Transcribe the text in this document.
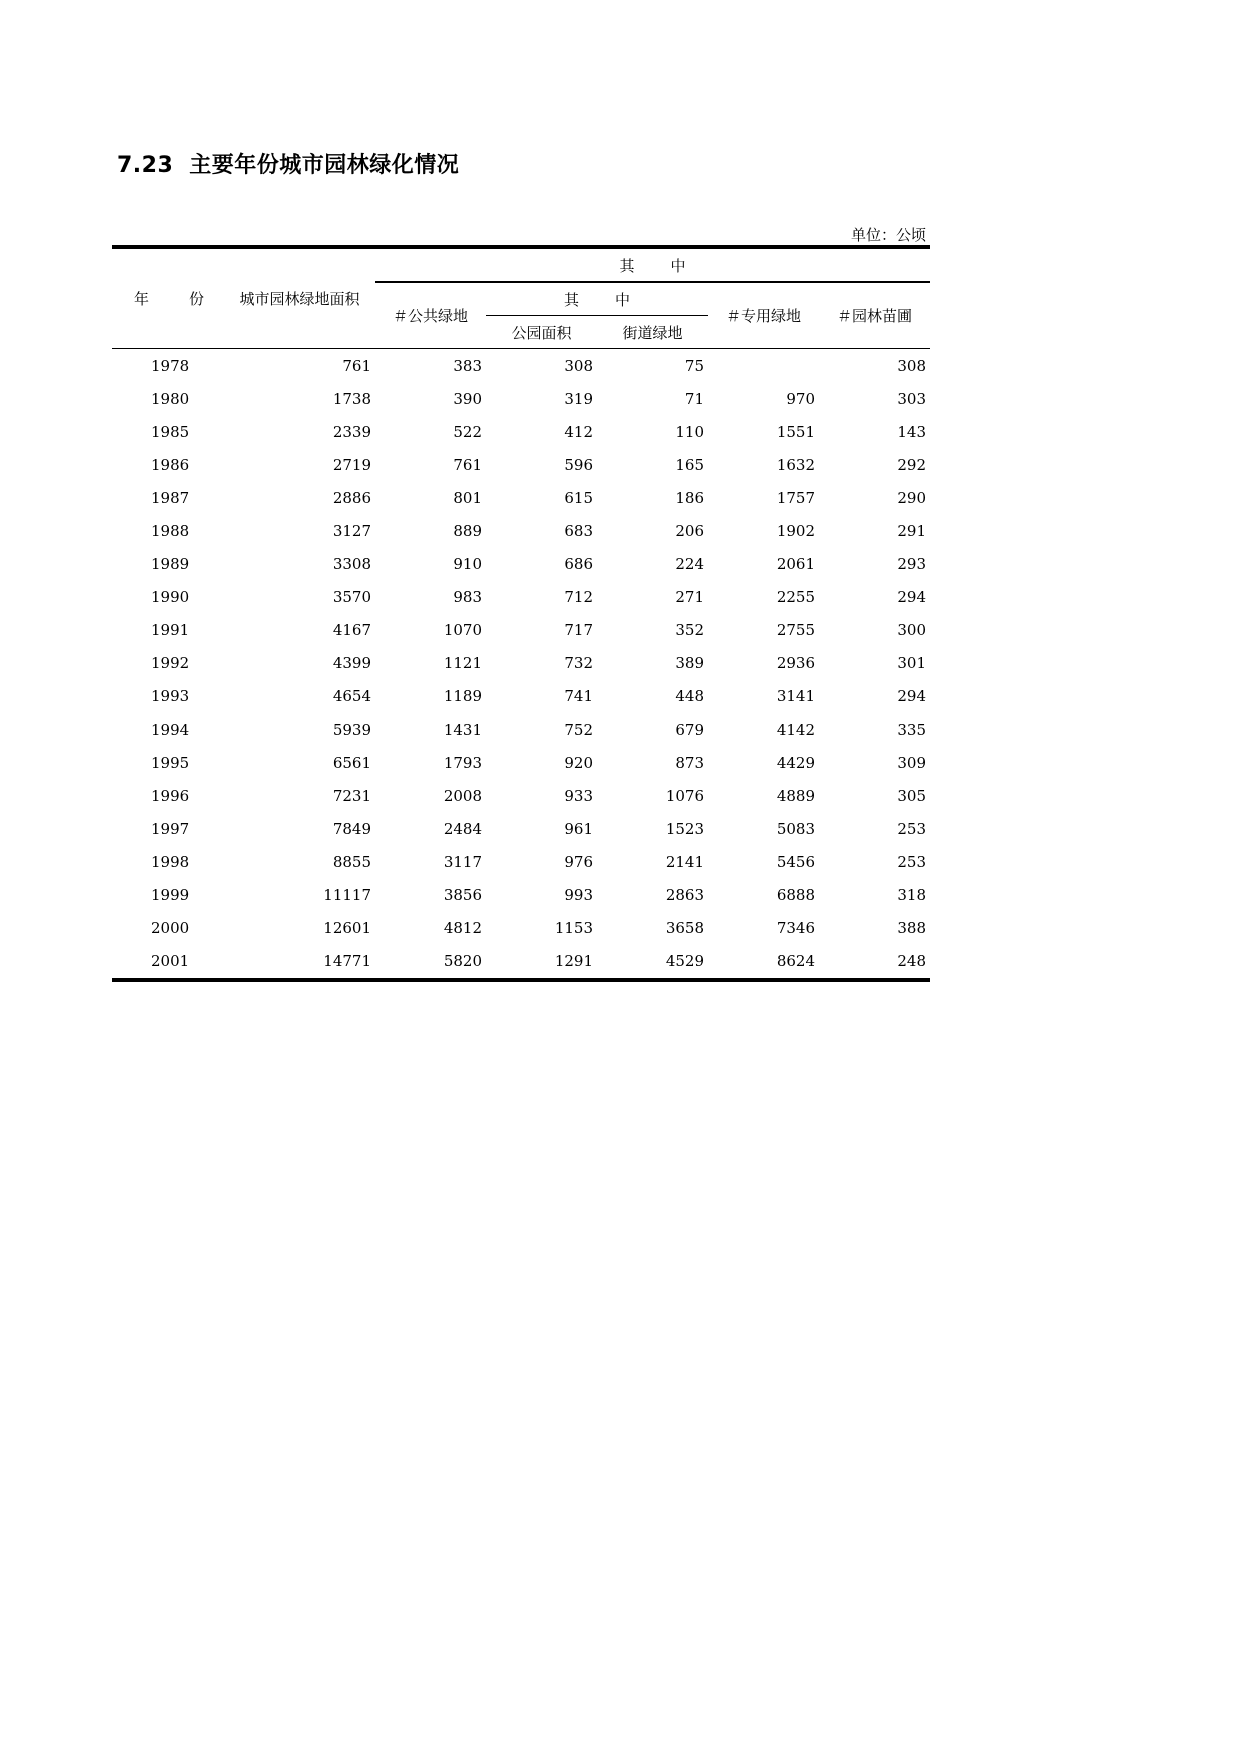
7.23 主要年份城市园林绿化情况
单位：公顷
年 份	城市园林绿地面积	其 中				
		＃公共绿地	其 中		＃专用绿地	＃园林苗圃
			公园面积	街道绿地		
1978	761	383	308	75		308
1980	1738	390	319	71	970	303
1985	2339	522	412	110	1551	143
1986	2719	761	596	165	1632	292
1987	2886	801	615	186	1757	290
1988	3127	889	683	206	1902	291
1989	3308	910	686	224	2061	293
1990	3570	983	712	271	2255	294
1991	4167	1070	717	352	2755	300
1992	4399	1121	732	389	2936	301
1993	4654	1189	741	448	3141	294
1994	5939	1431	752	679	4142	335
1995	6561	1793	920	873	4429	309
1996	7231	2008	933	1076	4889	305
1997	7849	2484	961	1523	5083	253
1998	8855	3117	976	2141	5456	253
1999	11117	3856	993	2863	6888	318
2000	12601	4812	1153	3658	7346	388
2001	14771	5820	1291	4529	8624	248
